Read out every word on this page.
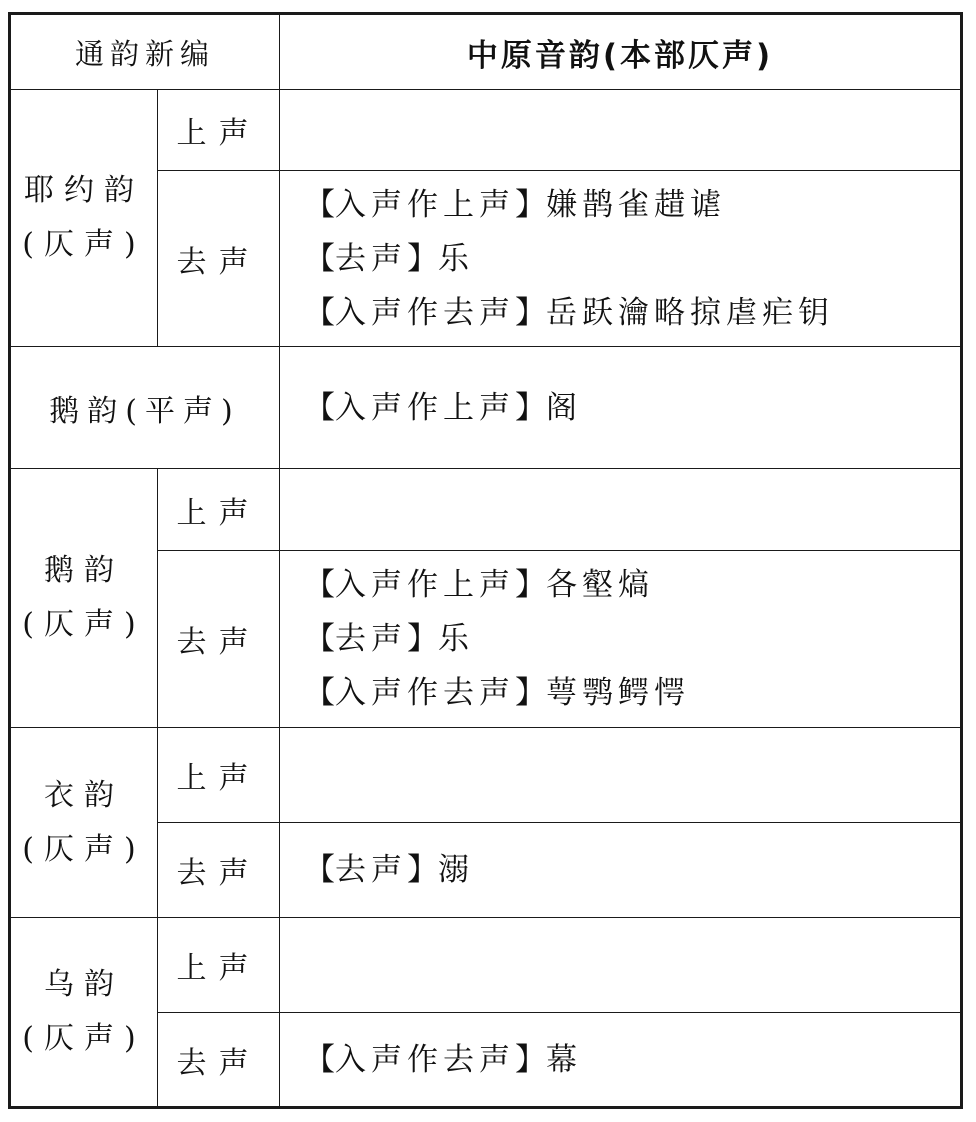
通韵新编		中原音韵(本部仄声)

耶约韵
(仄声)	上声	
	去声	【入声作上声】嫌鹊雀趞谑
【去声】乐
【入声作去声】岳跃瀹略掠虐疟钥

鹅韵(平声)		【入声作上声】阁

鹅韵
(仄声)	上声	
	去声	【入声作上声】各壑熇
【去声】乐
【入声作去声】萼鹗鳄愕

衣韵
(仄声)	上声	
	去声	【去声】溺

乌韵
(仄声)	上声	
	去声	【入声作去声】幕
